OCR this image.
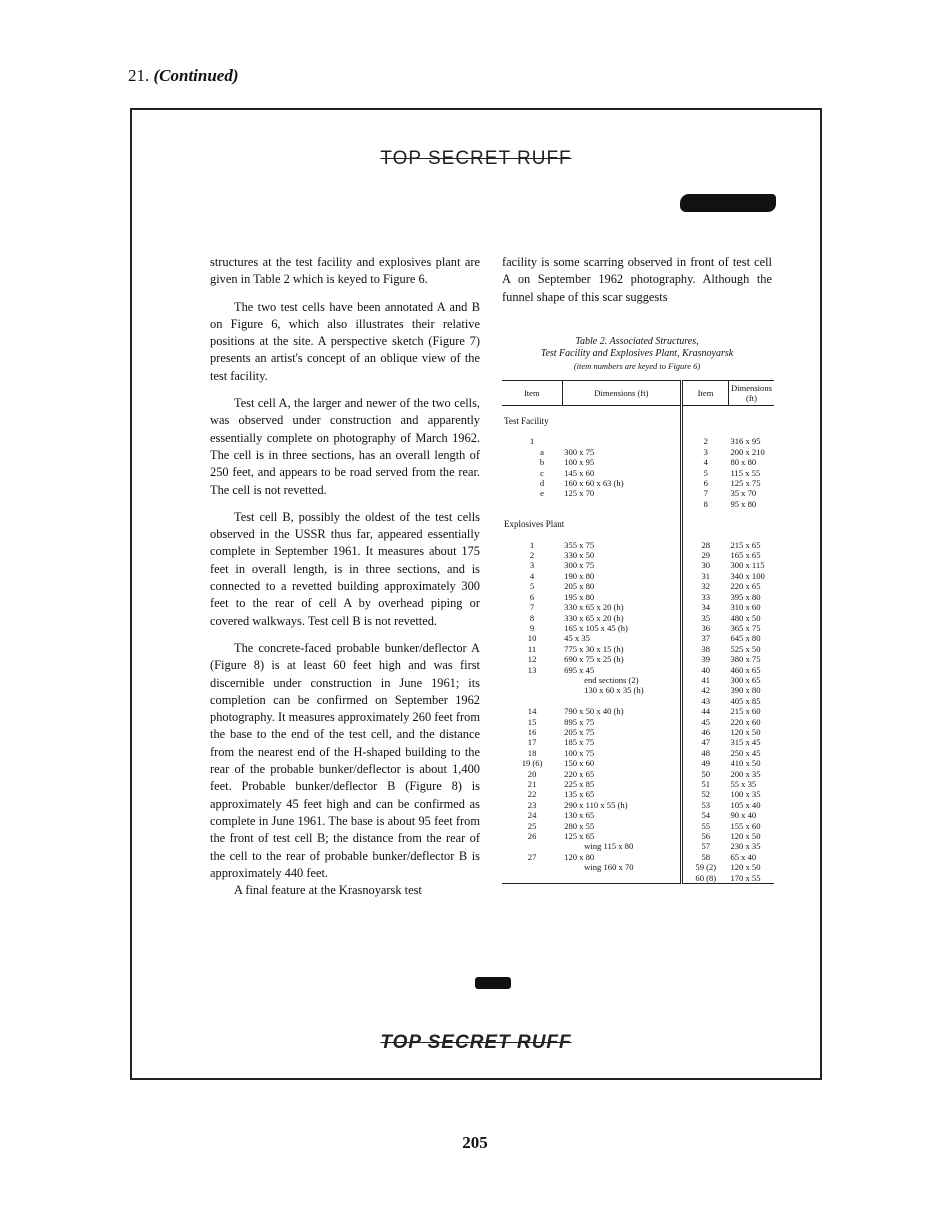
21. (Continued)
TOP SECRET RUFF

structures at the test facility and explosives plant are given in Table 2 which is keyed to Figure 6.

The two test cells have been annotated A and B on Figure 6, which also illustrates their relative positions at the site. A perspective sketch (Figure 7) presents an artist's concept of an oblique view of the test facility.

Test cell A, the larger and newer of the two cells, was observed under construction and apparently essentially complete on photography of March 1962. The cell is in three sections, has an overall length of 250 feet, and appears to be road served from the rear. The cell is not revetted.

Test cell B, possibly the oldest of the test cells observed in the USSR thus far, appeared essentially complete in September 1961. It measures about 175 feet in overall length, is in three sections, and is connected to a revetted building approximately 300 feet to the rear of cell A by overhead piping or covered walkways. Test cell B is not revetted.

The concrete-faced probable bunker/deflector A (Figure 8) is at least 60 feet high and was first discernible under construction in June 1961; its completion can be confirmed on September 1962 photography. It measures approximately 260 feet from the base to the end of the test cell, and the distance from the nearest end of the H-shaped building to the rear of the probable bunker/deflector is about 1,400 feet. Probable bunker/deflector B (Figure 8) is approximately 45 feet high and can be confirmed as complete in June 1961. The base is about 95 feet from the front of test cell B; the distance from the rear of the cell to the rear of probable bunker/deflector B is approximately 440 feet.

A final feature at the Krasnoyarsk test

facility is some scarring observed in front of test cell A on September 1962 photography. Although the funnel shape of this scar suggests

Table 2. Associated Structures,
Test Facility and Explosives Plant, Krasnoyarsk
(item numbers are keyed to Figure 6)
Item	Dimensions (ft)	Item	Dimensions (ft)
Test Facility			
1		2	316 x 95
a	300 x 75	3	200 x 210
b	100 x 95	4	80 x 80
c	145 x 60	5	115 x 55
d	160 x 60 x 63 (h)	6	125 x 75
e	125 x 70	7	35 x 70
		8	95 x 80
Explosives Plant			
1	355 x 75	28	215 x 65
2	330 x 50	29	165 x 65
3	300 x 75	30	300 x 115
4	190 x 80	31	340 x 100
5	205 x 80	32	220 x 65
6	195 x 80	33	395 x 80
7	330 x 65 x 20 (h)	34	310 x 60
8	330 x 65 x 20 (h)	35	480 x 50
9	165 x 105 x 45 (h)	36	365 x 75
10	45 x 35	37	645 x 80
11	775 x 30 x 15 (h)	38	525 x 50
12	690 x 75 x 25 (h)	39	380 x 75
13	695 x 45	40	460 x 65
	end sections (2)	41	300 x 65
	130 x 60 x 35 (h)	42	390 x 80
		43	405 x 85
14	790 x 50 x 40 (h)	44	215 x 60
15	895 x 75	45	220 x 60
16	205 x 75	46	120 x 50
17	185 x 75	47	315 x 45
18	100 x 75	48	250 x 45
19 (6)	150 x 60	49	410 x 50
20	220 x 65	50	200 x 35
21	225 x 85	51	55 x 35
22	135 x 65	52	100 x 35
23	290 x 110 x 55 (h)	53	105 x 40
24	130 x 65	54	90 x 40
25	280 x 55	55	155 x 60
26	125 x 65	56	120 x 50
	wing 115 x 80	57	230 x 35
27	120 x 80	58	65 x 40
	wing 160 x 70	59 (2)	120 x 50
		60 (8)	170 x 55
TOP SECRET RUFF
205
